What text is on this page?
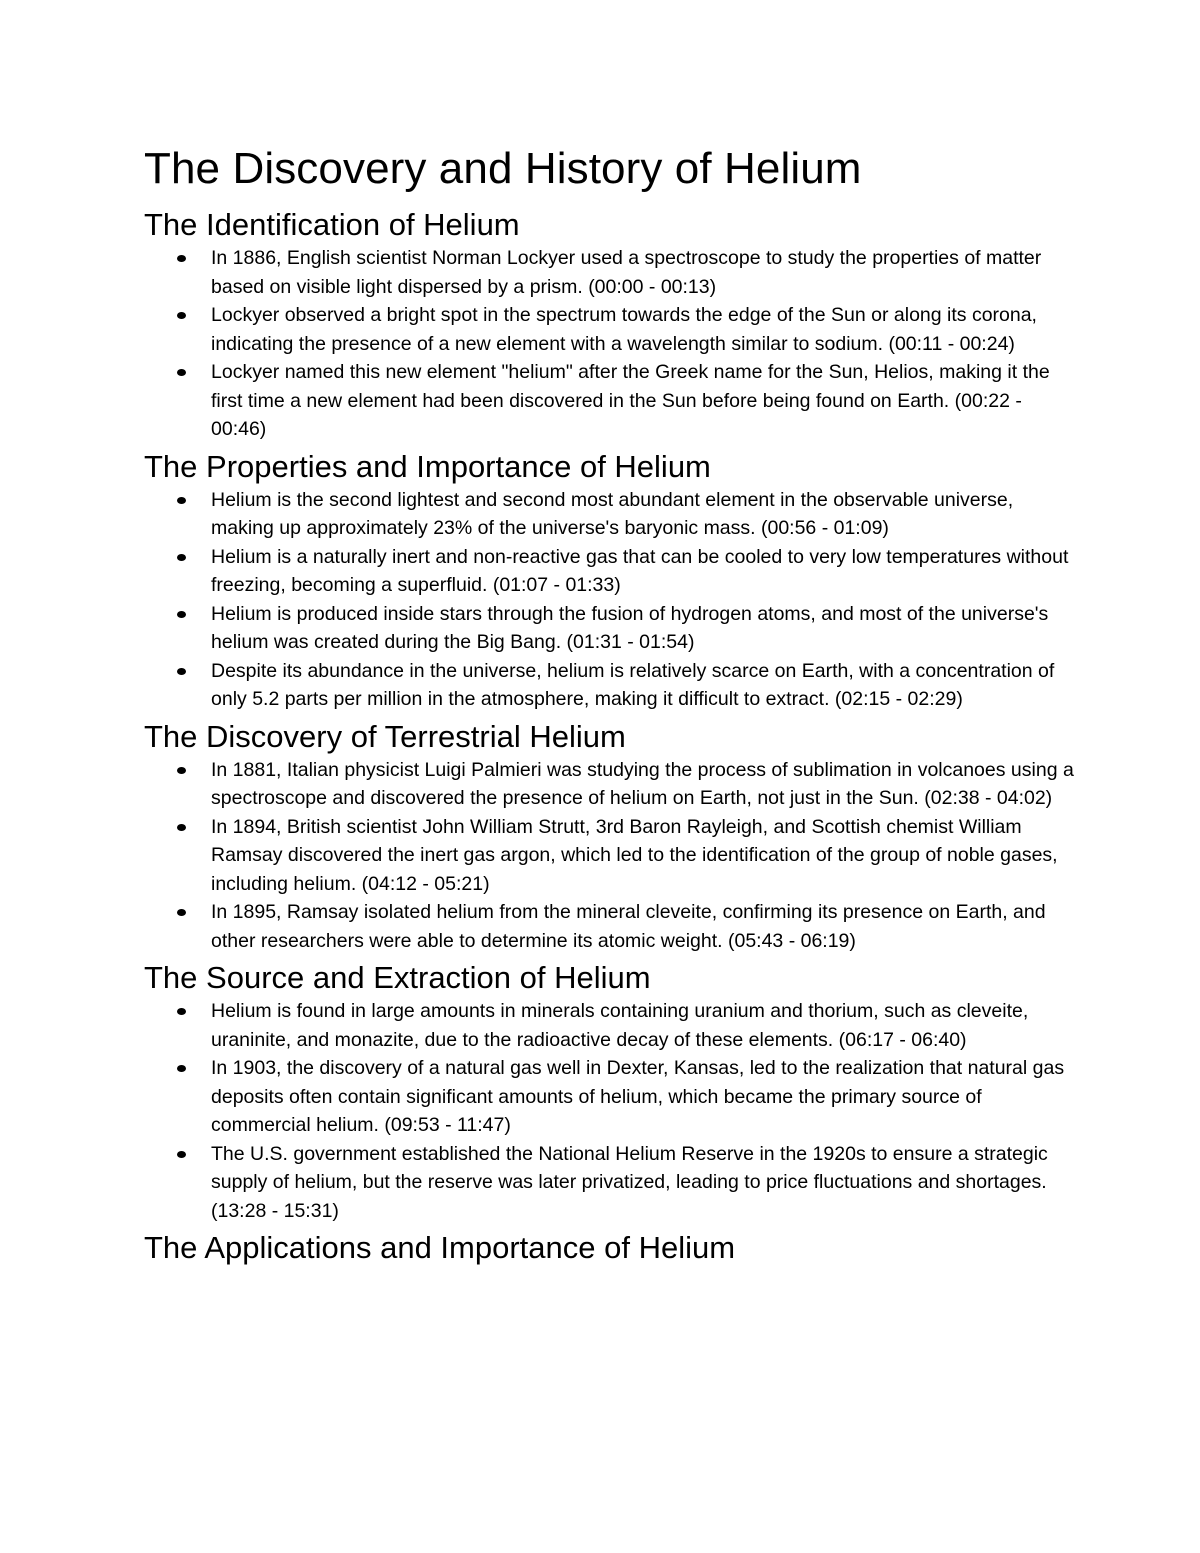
The Discovery and History of Helium
The Identification of Helium
In 1886, English scientist Norman Lockyer used a spectroscope to study the properties of matter based on visible light dispersed by a prism. (00:00 - 00:13)
Lockyer observed a bright spot in the spectrum towards the edge of the Sun or along its corona, indicating the presence of a new element with a wavelength similar to sodium. (00:11 - 00:24)
Lockyer named this new element "helium" after the Greek name for the Sun, Helios, making it the first time a new element had been discovered in the Sun before being found on Earth. (00:22 - 00:46)
The Properties and Importance of Helium
Helium is the second lightest and second most abundant element in the observable universe, making up approximately 23% of the universe's baryonic mass. (00:56 - 01:09)
Helium is a naturally inert and non-reactive gas that can be cooled to very low temperatures without freezing, becoming a superfluid. (01:07 - 01:33)
Helium is produced inside stars through the fusion of hydrogen atoms, and most of the universe's helium was created during the Big Bang. (01:31 - 01:54)
Despite its abundance in the universe, helium is relatively scarce on Earth, with a concentration of only 5.2 parts per million in the atmosphere, making it difficult to extract. (02:15 - 02:29)
The Discovery of Terrestrial Helium
In 1881, Italian physicist Luigi Palmieri was studying the process of sublimation in volcanoes using a spectroscope and discovered the presence of helium on Earth, not just in the Sun. (02:38 - 04:02)
In 1894, British scientist John William Strutt, 3rd Baron Rayleigh, and Scottish chemist William Ramsay discovered the inert gas argon, which led to the identification of the group of noble gases, including helium. (04:12 - 05:21)
In 1895, Ramsay isolated helium from the mineral cleveite, confirming its presence on Earth, and other researchers were able to determine its atomic weight. (05:43 - 06:19)
The Source and Extraction of Helium
Helium is found in large amounts in minerals containing uranium and thorium, such as cleveite, uraninite, and monazite, due to the radioactive decay of these elements. (06:17 - 06:40)
In 1903, the discovery of a natural gas well in Dexter, Kansas, led to the realization that natural gas deposits often contain significant amounts of helium, which became the primary source of commercial helium. (09:53 - 11:47)
The U.S. government established the National Helium Reserve in the 1920s to ensure a strategic supply of helium, but the reserve was later privatized, leading to price fluctuations and shortages. (13:28 - 15:31)
The Applications and Importance of Helium
